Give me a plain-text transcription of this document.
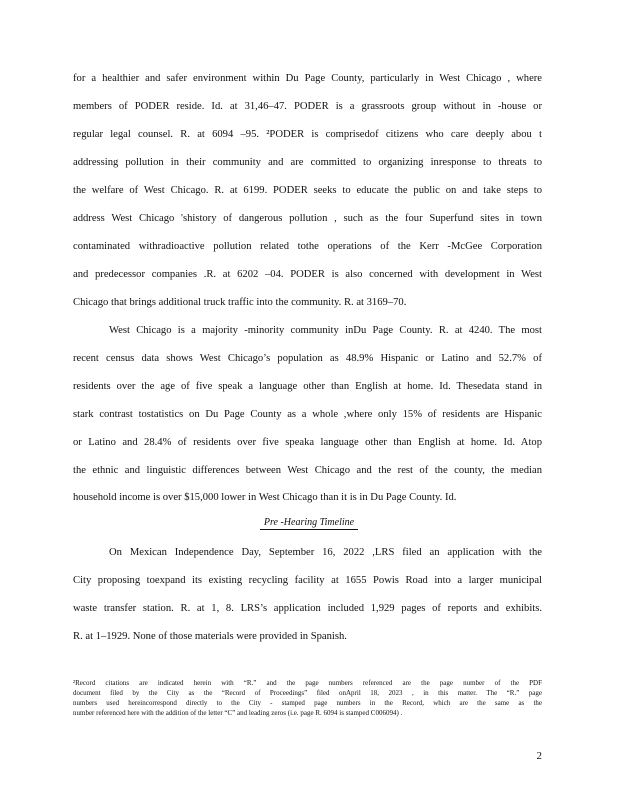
for a healthier and safer environment within Du Page County, particularly in West Chicago , where
members of PODER reside. Id. at 31,46–47. PODER is a grassroots group without in -house or
regular legal counsel. R. at 6094 –95. ²PODER is comprisedof citizens who care deeply abou t
addressing pollution in their community and are committed to organizing inresponse to threats to
the welfare of West Chicago. R. at 6199. PODER seeks to educate the public on and take steps to
address West Chicago 'shistory of dangerous pollution , such as the four Superfund sites in town
contaminated withradioactive pollution related tothe operations of the Kerr -McGee Corporation
and predecessor companies .R. at 6202 –04. PODER is also concerned with development in West
Chicago that brings additional truck traffic into the community. R. at 3169–70.
West Chicago is a majority -minority community inDu Page County. R. at 4240. The most
recent census data shows West Chicago’s population as 48.9% Hispanic or Latino and 52.7% of
residents over the age of five speak a language other than English at home. Id. Thesedata stand in
stark contrast tostatistics on Du Page County as a whole ,where only 15% of residents are Hispanic
or Latino and 28.4% of residents over five speaka language other than English at home. Id. Atop
the ethnic and linguistic differences between West Chicago and the rest of the county, the median
household income is over $15,000 lower in West Chicago than it is in Du Page County. Id.
Pre -Hearing Timeline
On Mexican Independence Day, September 16, 2022 ,LRS filed an application with the
City proposing toexpand its existing recycling facility at 1655 Powis Road into a larger municipal
waste transfer station. R. at 1, 8. LRS’s application included 1,929 pages of reports and exhibits.
R. at 1–1929. None of those materials were provided in Spanish.
²Record citations are indicated herein with “R.” and the page numbers referenced are the page number of the PDF
document filed by the City as the “Record of Proceedings” filed onApril 18, 2023 , in this matter. The “R.” page
numbers used hereincorrespond directly to the City - stamped page numbers in the Record, which are the same as the
number referenced here with the addition of the letter “C” and leading zeros (i.e. page R. 6094 is stamped C006094) .
2
